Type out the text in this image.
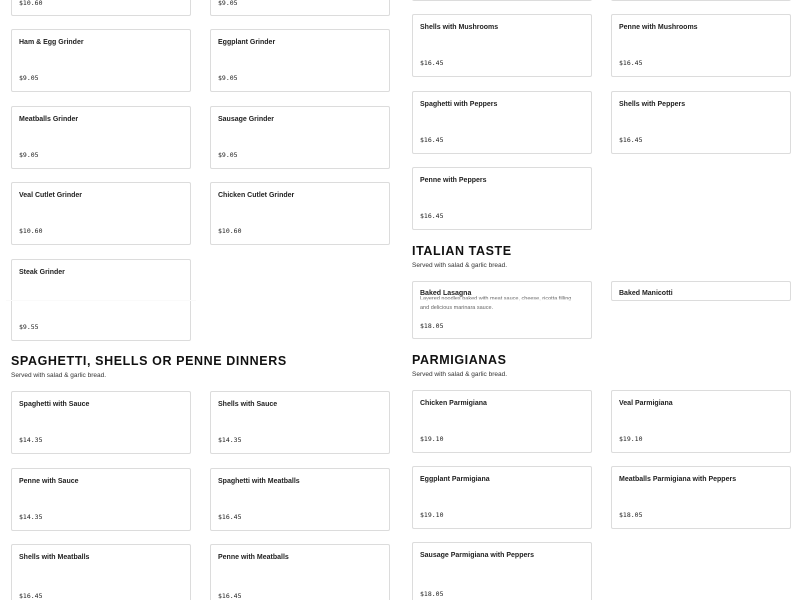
$10.60	$9.05
Ham & Egg Grinder
$9.05
Eggplant Grinder
$9.05
Meatballs Grinder
$9.05
Sausage Grinder
$9.05
Veal Cutlet Grinder
$10.60
Chicken Cutlet Grinder
$10.60
Steak Grinder
$9.55
SPAGHETTI, SHELLS OR PENNE DINNERS
Served with salad & garlic bread.
Spaghetti with Sauce
$14.35
Shells with Sauce
$14.35
Penne with Sauce
$14.35
Spaghetti with Meatballs
$16.45
Shells with Meatballs
$16.45
Penne with Meatballs
$16.45
Shells with Mushrooms
$16.45
Penne with Mushrooms
$16.45
Spaghetti with Peppers
$16.45
Shells with Peppers
$16.45
Penne with Peppers
$16.45
ITALIAN TASTE
Served with salad & garlic bread.
Baked Lasagna
and delicious marinara sauce.
$18.05
Baked Manicotti
PARMIGIANAS
Served with salad & garlic bread.
Chicken Parmigiana
$19.10
Veal Parmigiana
$19.10
Eggplant Parmigiana
$19.10
Meatballs Parmigiana with Peppers
$18.05
Sausage Parmigiana with Peppers
$18.05
